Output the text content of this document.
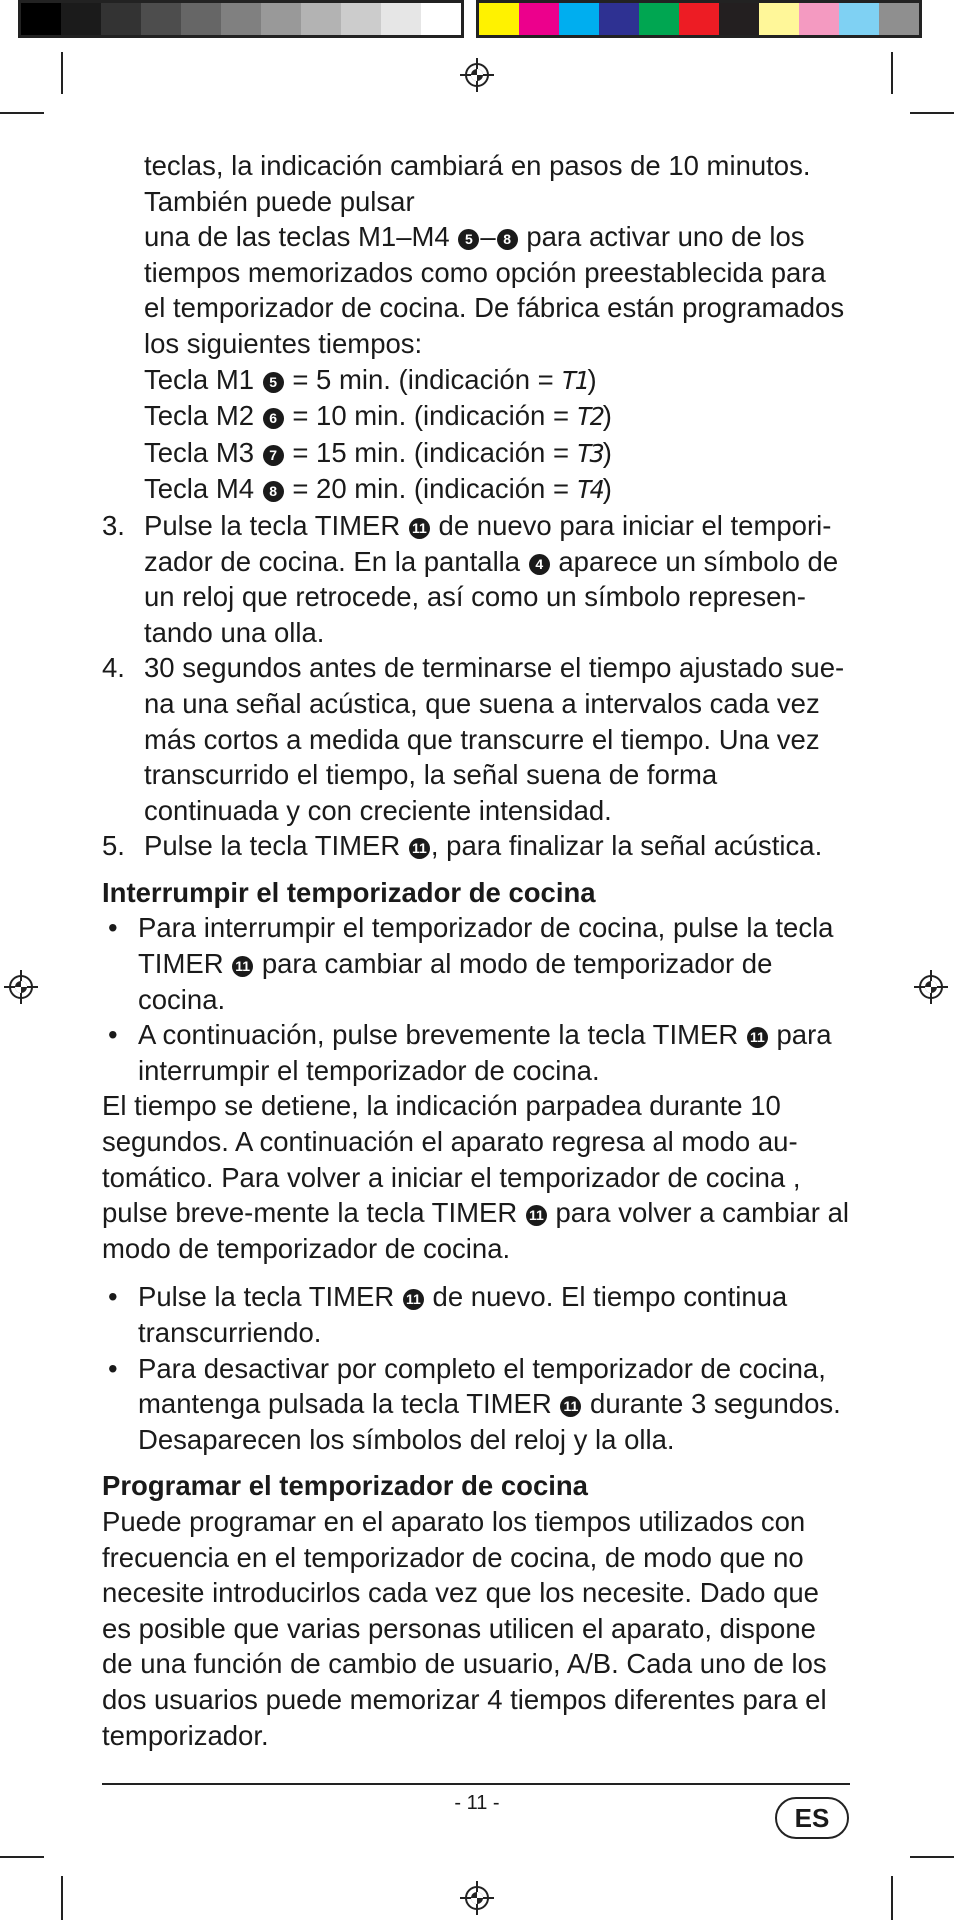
teclas, la indicación cambiará en pasos de 10 minutos.
También puede pulsar
una de las teclas M1–M4 5 – 8 para activar uno de los tiempos memorizados como opción preestablecida para el temporizador de cocina. De fábrica están programados los siguientes tiempos:
Tecla M1 5 = 5 min. (indicación = T1)
Tecla M2 6 = 10 min. (indicación = T2)
Tecla M3 7 = 15 min. (indicación = T3)
Tecla M4 8 = 20 min. (indicación = T4)
3. Pulse la tecla TIMER 11 de nuevo para iniciar el tempori-zador de cocina. En la pantalla 4 aparece un símbolo de un reloj que retrocede, así como un símbolo represen-tando una olla.
4. 30 segundos antes de terminarse el tiempo ajustado sue-na una señal acústica, que suena a intervalos cada vez más cortos a medida que transcurre el tiempo. Una vez transcurrido el tiempo, la señal suena de forma continuada y con creciente intensidad.
5. Pulse la tecla TIMER 11 , para finalizar la señal acústica.
Interrumpir el temporizador de cocina
• Para interrumpir el temporizador de cocina, pulse la tecla TIMER 11 para cambiar al modo de temporizador de cocina.
• A continuación, pulse brevemente la tecla TIMER 11 para interrumpir el temporizador de cocina.

El tiempo se detiene, la indicación parpadea durante 10 segundos. A continuación el aparato regresa al modo au-tomático. Para volver a iniciar el temporizador de cocina , pulse breve-mente la tecla TIMER 11 para volver a cambiar al modo de temporizador de cocina.

• Pulse la tecla TIMER 11 de nuevo. El tiempo continua transcurriendo.
• Para desactivar por completo el temporizador de cocina, mantenga pulsada la tecla TIMER 11 durante 3 segundos. Desaparecen los símbolos del reloj y la olla.
Programar el temporizador de cocina

Puede programar en el aparato los tiempos utilizados con frecuencia en el temporizador de cocina, de modo que no necesite introducirlos cada vez que los necesite. Dado que es posible que varias personas utilicen el aparato, dispone de una función de cambio de usuario, A/B. Cada uno de los dos usuarios puede memorizar 4 tiempos diferentes para el temporizador.

- 11 -	ES
